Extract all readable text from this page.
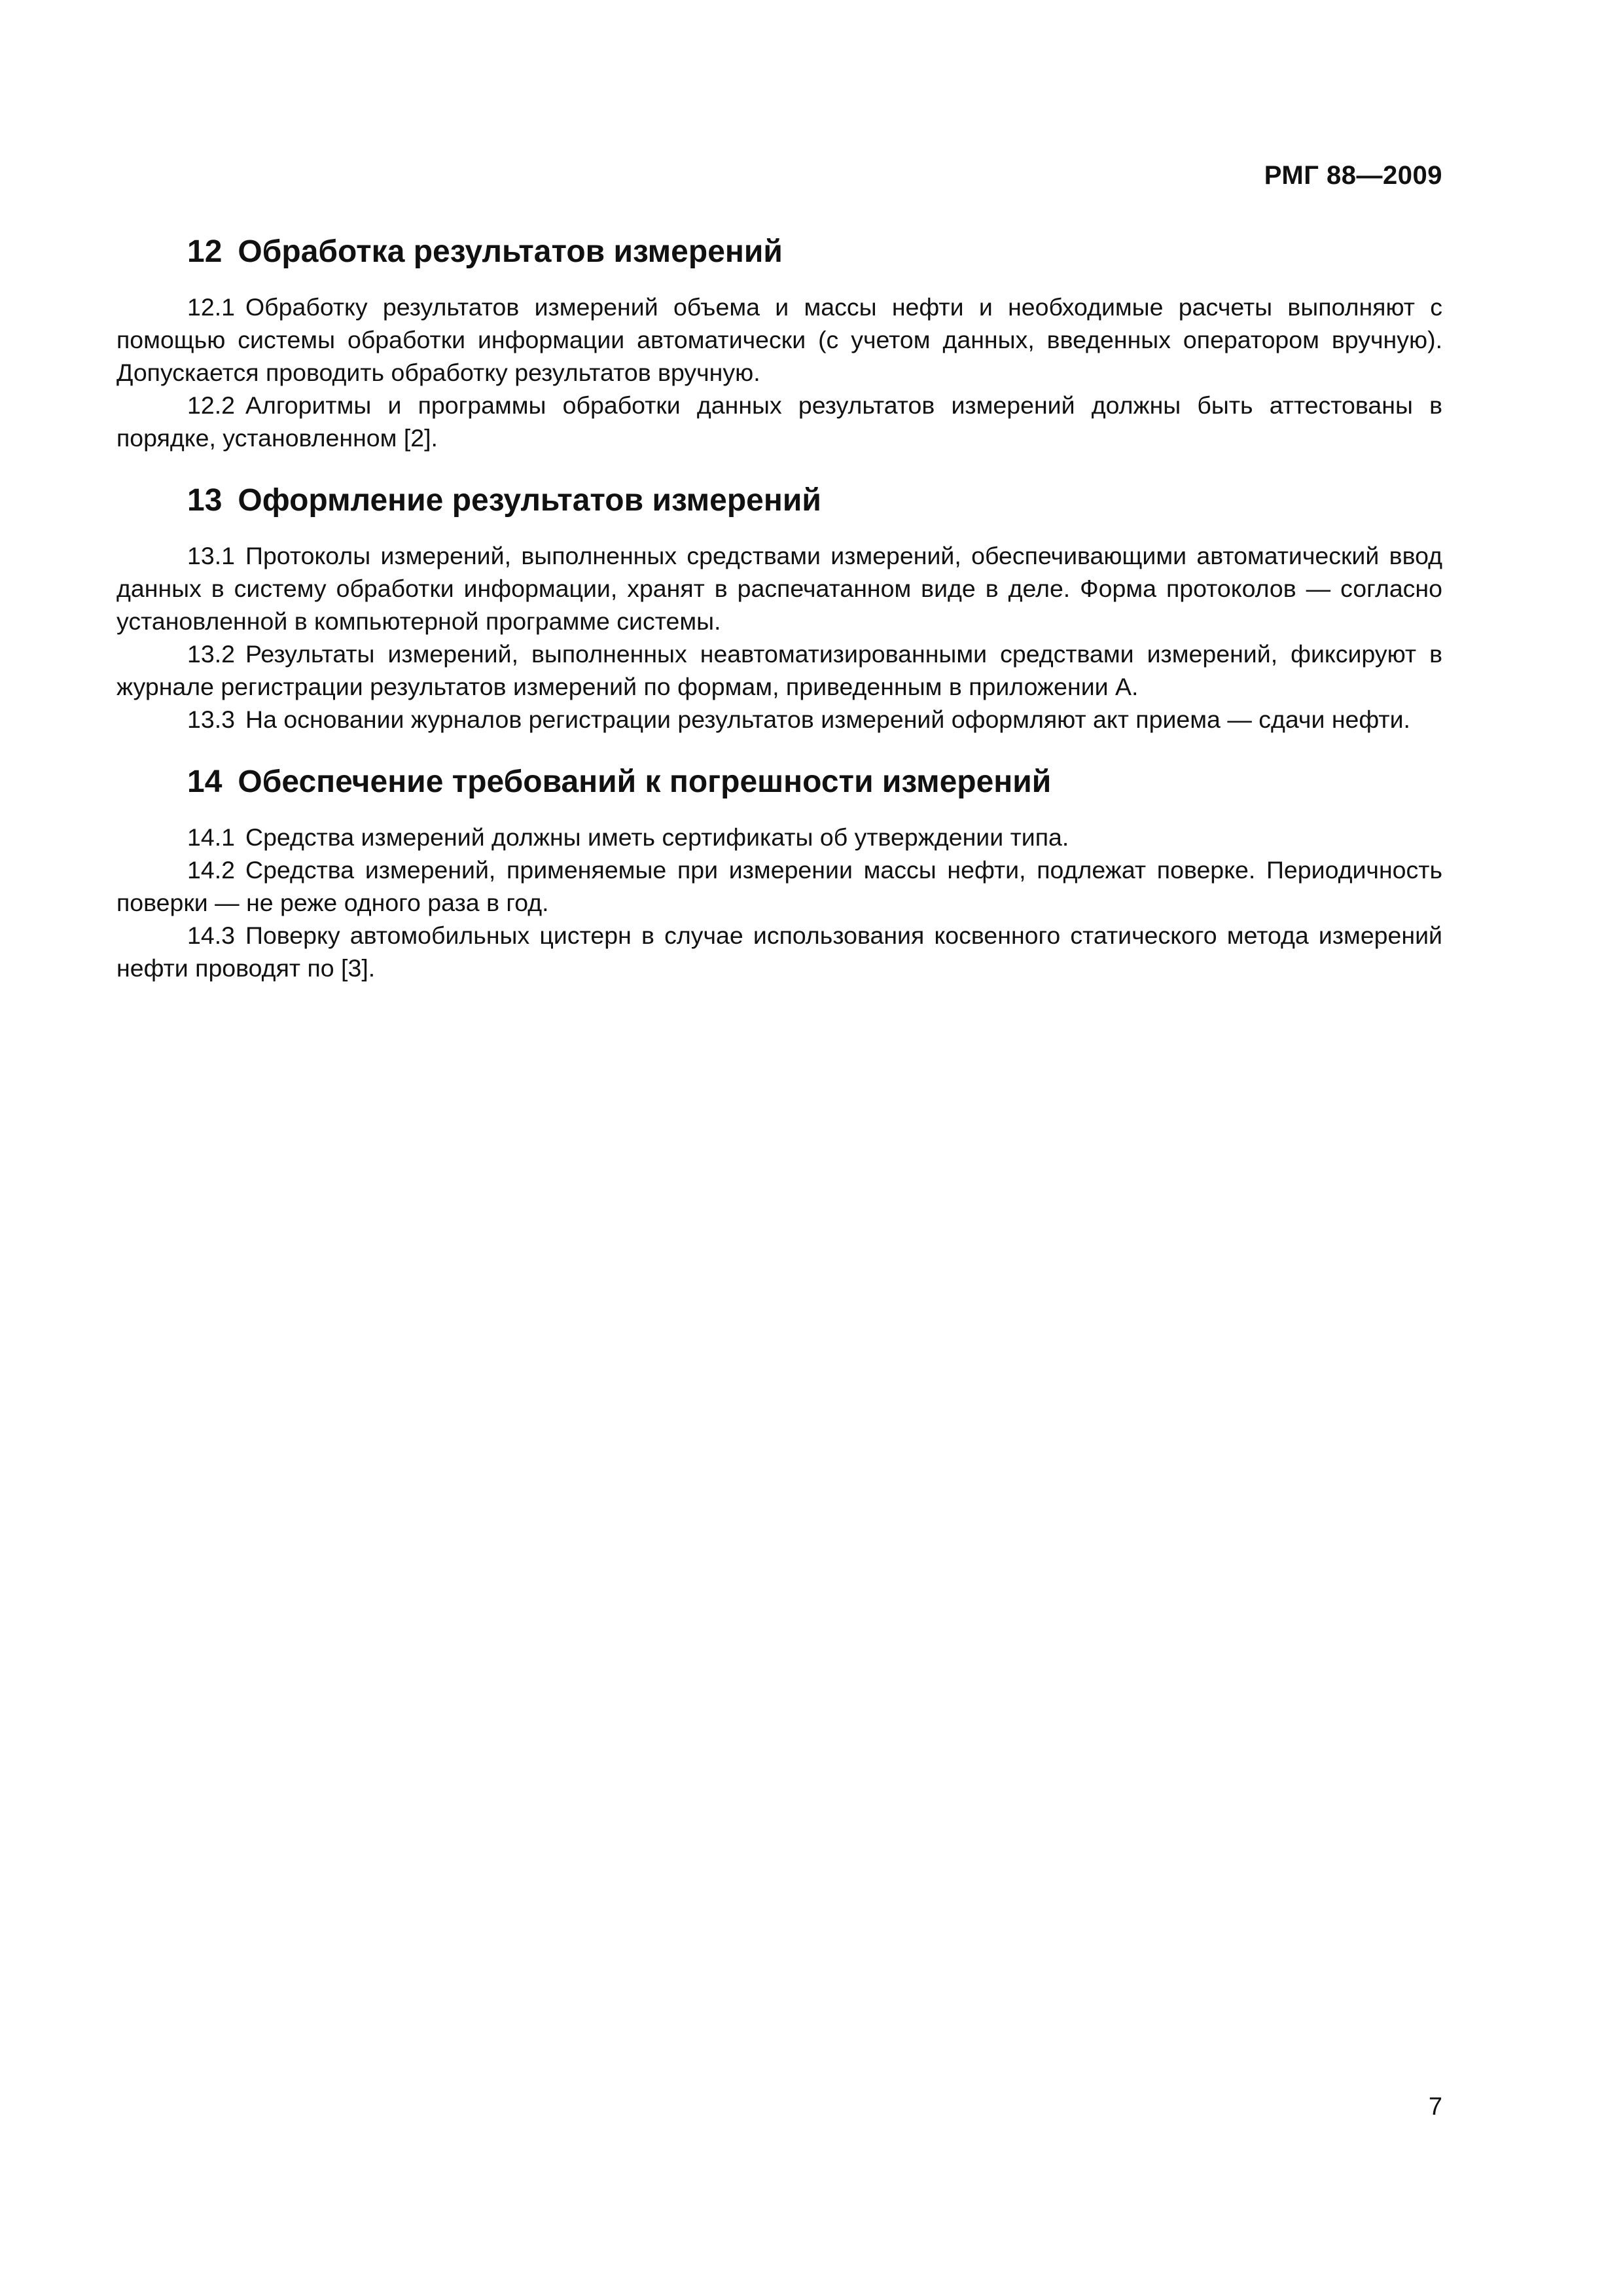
РМГ 88—2009
12 Обработка результатов измерений

12.1 Обработку результатов измерений объема и массы нефти и необходимые расчеты выполняют с помощью системы обработки информации автоматически (с учетом данных, введенных оператором вручную). Допускается проводить обработку результатов вручную.

12.2 Алгоритмы и программы обработки данных результатов измерений должны быть аттестованы в порядке, установленном [2].

13 Оформление результатов измерений

13.1 Протоколы измерений, выполненных средствами измерений, обеспечивающими автоматический ввод данных в систему обработки информации, хранят в распечатанном виде в деле. Форма протоколов — согласно установленной в компьютерной программе системы.

13.2 Результаты измерений, выполненных неавтоматизированными средствами измерений, фиксируют в журнале регистрации результатов измерений по формам, приведенным в приложении А.

13.3 На основании журналов регистрации результатов измерений оформляют акт приема — сдачи нефти.

14 Обеспечение требований к погрешности измерений

14.1 Средства измерений должны иметь сертификаты об утверждении типа.

14.2 Средства измерений, применяемые при измерении массы нефти, подлежат поверке. Периодичность поверки — не реже одного раза в год.

14.3 Поверку автомобильных цистерн в случае использования косвенного статического метода измерений нефти проводят по [3].

7
